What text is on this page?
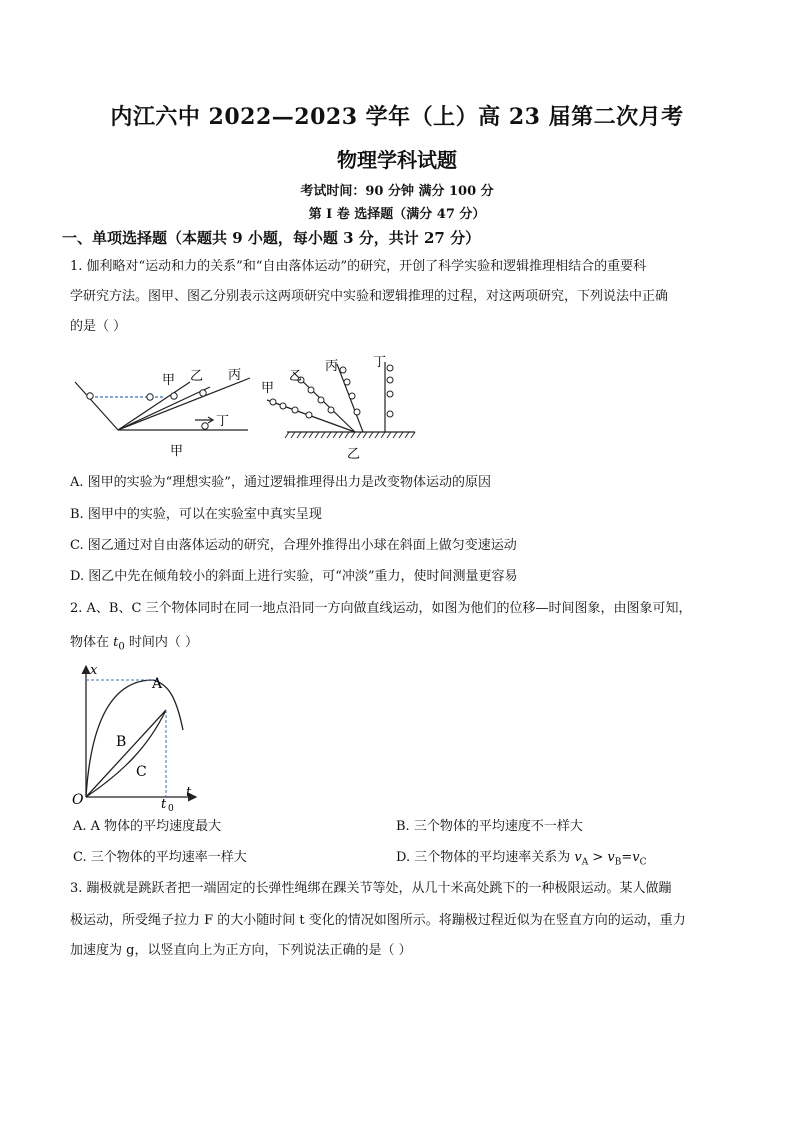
内江六中 2022—2023 学年（上）高 23 届第二次月考
物理学科试题
考试时间：90 分钟 满分 100 分
第 I 卷 选择题（满分 47 分）
一、单项选择题（本题共 9 小题，每小题 3 分，共计 27 分）
1. 伽利略对“运动和力的关系”和“自由落体运动”的研究，开创了科学实验和逻辑推理相结合的重要科
学研究方法。图甲、图乙分别表示这两项研究中实验和逻辑推理的过程，对这两项研究，下列说法中正确
的是（ ）
甲 乙 丙
丁
甲
甲
乙
丙	丁
乙
A. 图甲的实验为“理想实验”，通过逻辑推理得出力是改变物体运动的原因
B. 图甲中的实验，可以在实验室中真实呈现
C. 图乙通过对自由落体运动的研究，合理外推得出小球在斜面上做匀变速运动
D. 图乙中先在倾角较小的斜面上进行实验，可“冲淡”重力，使时间测量更容易
2. A、B、C 三个物体同时在同一地点沿同一方向做直线运动，如图为他们的位移—时间图象，由图象可知，
物体在 $t_0$ 时间内（ ）
x
t
O	t 0
A
B
C
A. A 物体的平均速度最大	B. 三个物体的平均速度不一样大
C. 三个物体的平均速率一样大	D. 三个物体的平均速率关系为 $v_A > v_B=v_C$
3. 蹦极就是跳跃者把一端固定的长弹性绳绑在踝关节等处，从几十米高处跳下的一种极限运动。某人做蹦
极运动，所受绳子拉力 F 的大小随时间 t 变化的情况如图所示。将蹦极过程近似为在竖直方向的运动，重力
加速度为 g，以竖直向上为正方向，下列说法正确的是（ ）
